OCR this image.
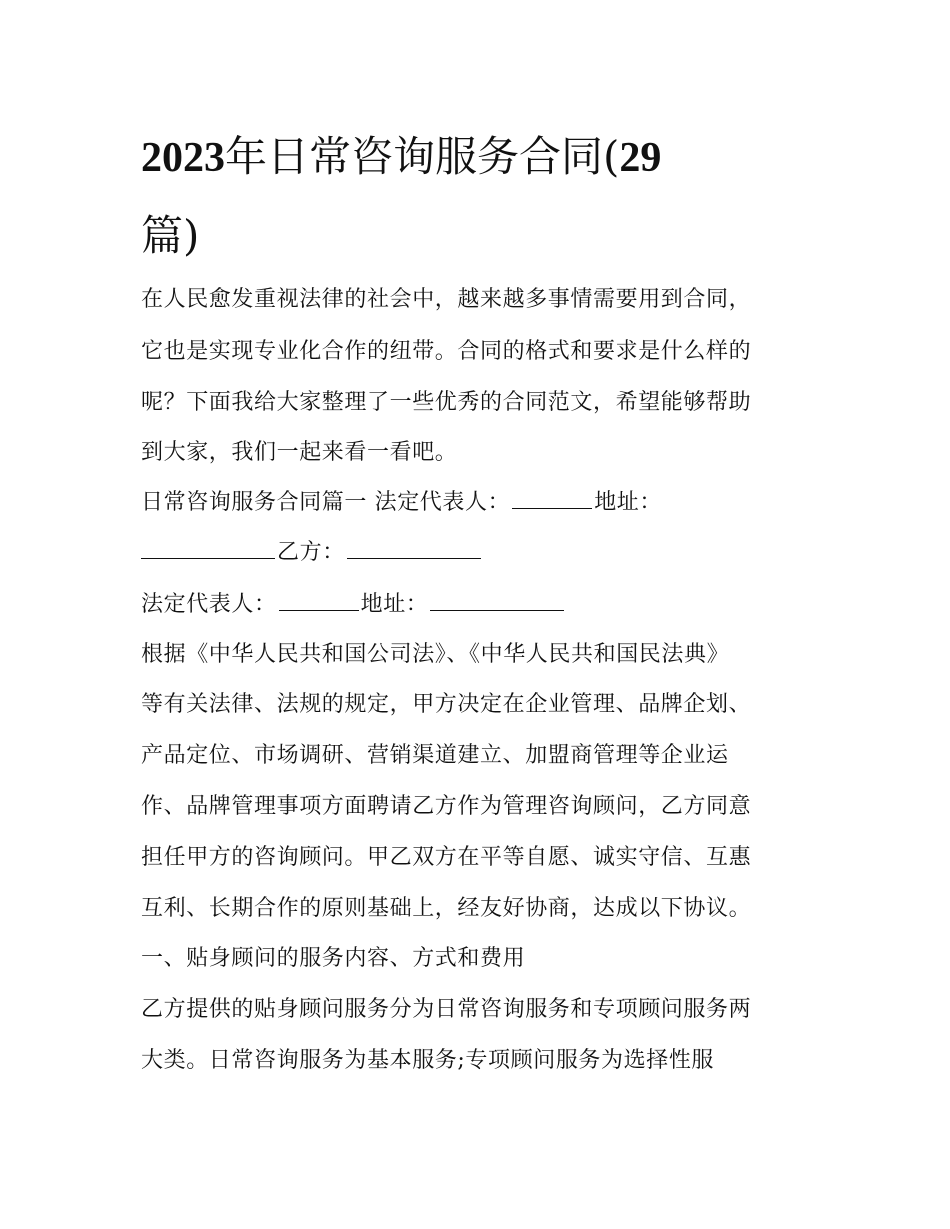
2023年日常咨询服务合同(29
篇)
在人民愈发重视法律的社会中，越来越多事情需要用到合同，
它也是实现专业化合作的纽带。合同的格式和要求是什么样的
呢？下面我给大家整理了一些优秀的合同范文，希望能够帮助
到大家，我们一起来看一看吧。
日常咨询服务合同篇一 法定代表人：	地址：
乙方：
法定代表人：	地址：
根据《中华人民共和国公司法》、《中华人民共和国民法典》
等有关法律、法规的规定，甲方决定在企业管理、品牌企划、
产品定位、市场调研、营销渠道建立、加盟商管理等企业运
作、品牌管理事项方面聘请乙方作为管理咨询顾问，乙方同意
担任甲方的咨询顾问。甲乙双方在平等自愿、诚实守信、互惠
互利、长期合作的原则基础上，经友好协商，达成以下协议。
一、贴身顾问的服务内容、方式和费用
乙方提供的贴身顾问服务分为日常咨询服务和专项顾问服务两
大类。日常咨询服务为基本服务;专项顾问服务为选择性服
